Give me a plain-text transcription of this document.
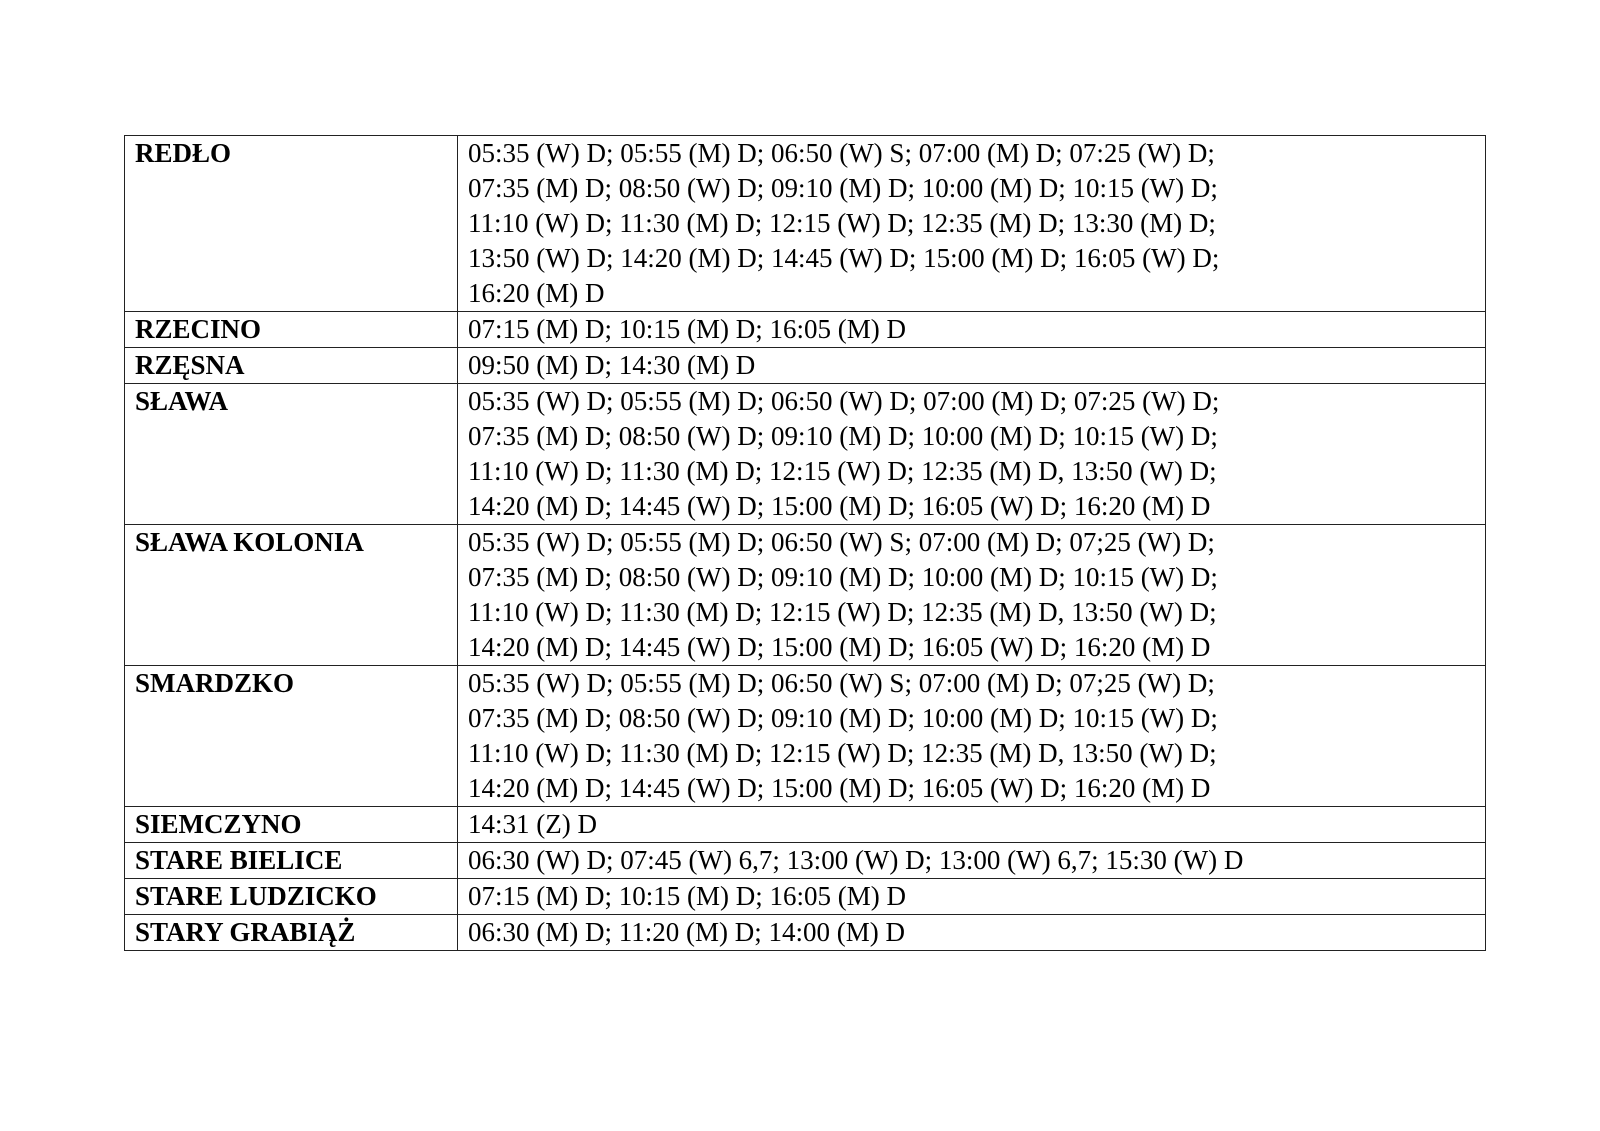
REDŁO	05:35 (W) D; 05:55 (M) D; 06:50 (W) S; 07:00 (M) D; 07:25 (W) D;
07:35 (M) D; 08:50 (W) D; 09:10 (M) D; 10:00 (M) D; 10:15 (W) D;
11:10 (W) D; 11:30 (M) D; 12:15 (W) D; 12:35 (M) D; 13:30 (M) D;
13:50 (W) D; 14:20 (M) D; 14:45 (W) D; 15:00 (M) D; 16:05 (W) D;
16:20 (M) D

RZECINO	07:15 (M) D; 10:15 (M) D; 16:05 (M) D

RZĘSNA	09:50 (M) D; 14:30 (M) D

SŁAWA	05:35 (W) D; 05:55 (M) D; 06:50 (W) D; 07:00 (M) D; 07:25 (W) D;
07:35 (M) D; 08:50 (W) D; 09:10 (M) D; 10:00 (M) D; 10:15 (W) D;
11:10 (W) D; 11:30 (M) D; 12:15 (W) D; 12:35 (M) D, 13:50 (W) D;
14:20 (M) D; 14:45 (W) D; 15:00 (M) D; 16:05 (W) D; 16:20 (M) D

SŁAWA KOLONIA	05:35 (W) D; 05:55 (M) D; 06:50 (W) S; 07:00 (M) D; 07;25 (W) D;
07:35 (M) D; 08:50 (W) D; 09:10 (M) D; 10:00 (M) D; 10:15 (W) D;
11:10 (W) D; 11:30 (M) D; 12:15 (W) D; 12:35 (M) D, 13:50 (W) D;
14:20 (M) D; 14:45 (W) D; 15:00 (M) D; 16:05 (W) D; 16:20 (M) D

SMARDZKO	05:35 (W) D; 05:55 (M) D; 06:50 (W) S; 07:00 (M) D; 07;25 (W) D;
07:35 (M) D; 08:50 (W) D; 09:10 (M) D; 10:00 (M) D; 10:15 (W) D;
11:10 (W) D; 11:30 (M) D; 12:15 (W) D; 12:35 (M) D, 13:50 (W) D;
14:20 (M) D; 14:45 (W) D; 15:00 (M) D; 16:05 (W) D; 16:20 (M) D

SIEMCZYNO	14:31 (Z) D

STARE BIELICE	06:30 (W) D; 07:45 (W) 6,7; 13:00 (W) D; 13:00 (W) 6,7; 15:30 (W) D

STARE LUDZICKO	07:15 (M) D; 10:15 (M) D; 16:05 (M) D

STARY GRABIĄŻ	06:30 (M) D; 11:20 (M) D; 14:00 (M) D
